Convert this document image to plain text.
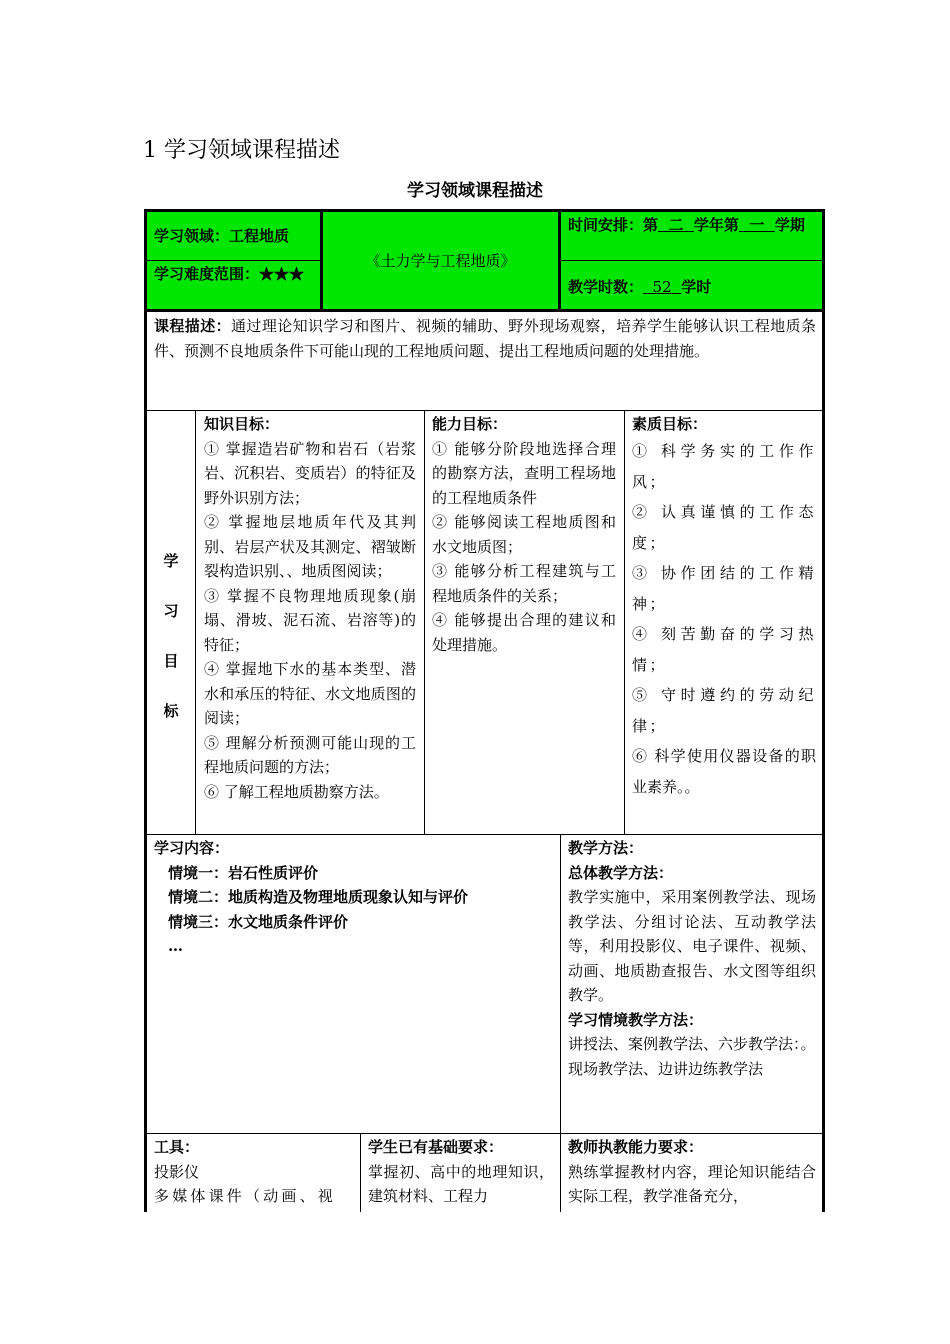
1 学习领域课程描述
学习领域课程描述
学习领域：工程地质
学习难度范围：★★★
《土力学与工程地质》
时间安排：第  二  学年第  一  学期
教学时数：  52  学时
课程描述：通过理论知识学习和图片、视频的辅助、野外现场观察，培养学生能够认识工程地质条件、预测不良地质条件下可能山现的工程地质问题、提出工程地质问题的处理措施。
学
习
目
标
知识目标：
① 掌握造岩矿物和岩石（岩浆岩、沉积岩、变质岩）的特征及野外识别方法；
② 掌握地层地质年代及其判别、岩层产状及其测定、褶皱断裂构造识别、、地质图阅读；
③ 掌握不良物理地质现象(崩塌、滑坡、泥石流、岩溶等)的特征；
④ 掌握地下水的基本类型、潜水和承压的特征、水文地质图的阅读；
⑤ 理解分析预测可能山现的工程地质问题的方法；
⑥ 了解工程地质勘察方法。
能力目标：
① 能够分阶段地选择合理的勘察方法，查明工程场地的工程地质条件
② 能够阅读工程地质图和水文地质图；
③ 能够分析工程建筑与工程地质条件的关系；
④ 能够提出合理的建议和处理措施。
素质目标：
① 科学务实的工作作风；
② 认真谨慎的工作态度；
③ 协作团结的工作精神；
④ 刻苦勤奋的学习热情；
⑤ 守时遵约的劳动纪律；
⑥ 科学使用仪器设备的职业素养。。
学习内容：
情境一：岩石性质评价
情境二：地质构造及物理地质现象认知与评价
情境三：水文地质条件评价
…
教学方法：
总体教学方法：
教学实施中，采用案例教学法、现场教学法、分组讨论法、互动教学法等，利用投影仪、电子课件、视频、动画、地质勘查报告、水文图等组织教学。
学习情境教学方法：
讲授法、案例教学法、六步教学法：。
现场教学法、边讲边练教学法
工具：
投影仪
多媒体课件（动画、视
学生已有基础要求：
掌握初、高中的地理知识，建筑材料、工程力
教师执教能力要求：
熟练掌握教材内容，理论知识能结合实际工程，教学准备充分，
